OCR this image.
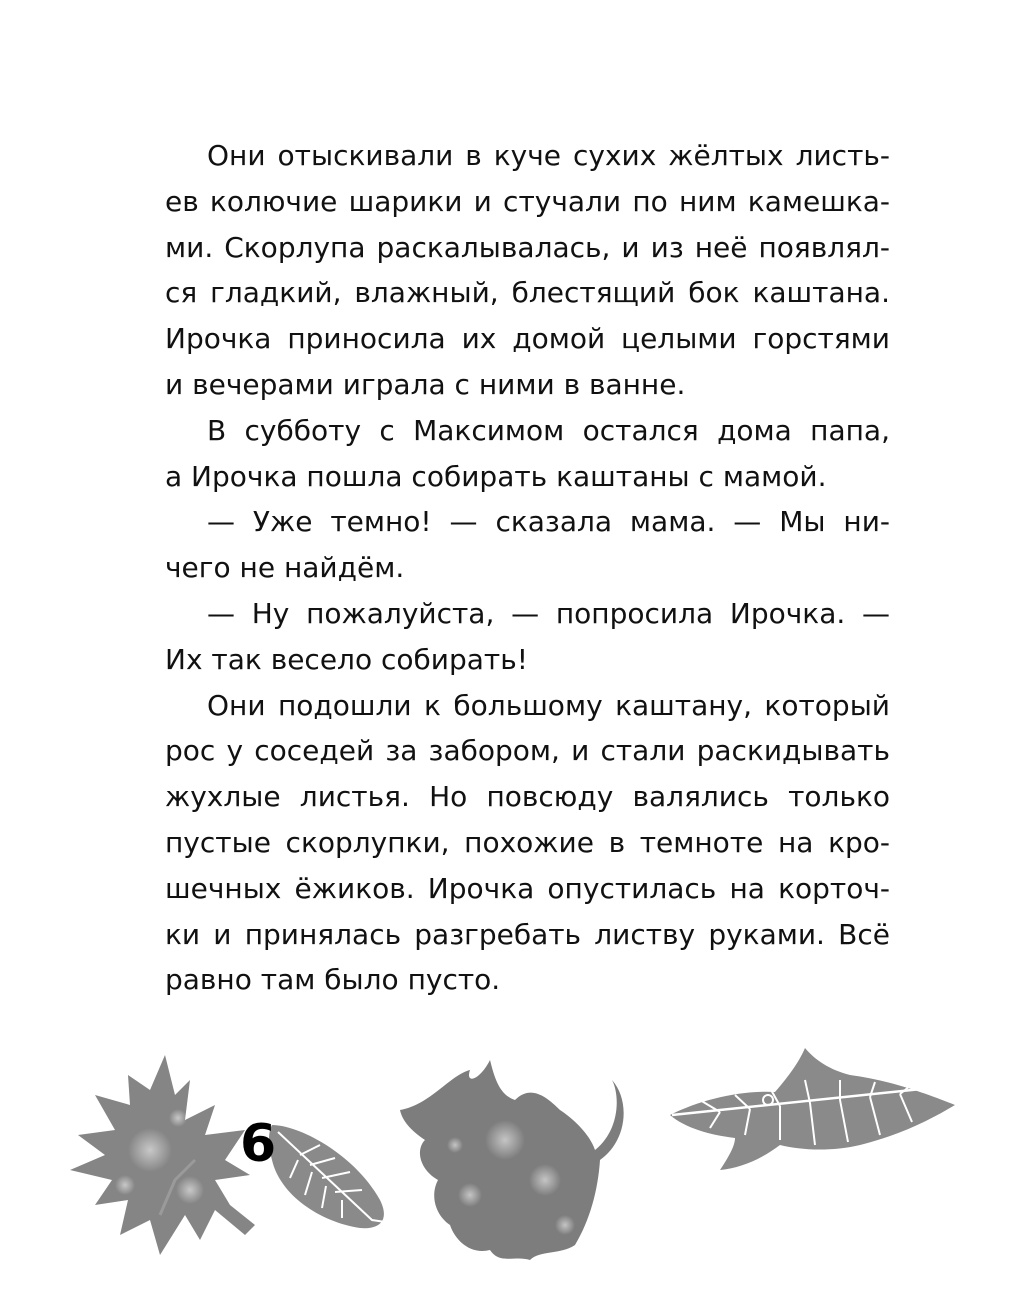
Они отыскивали в куче сухих жёлтых листь-
ев колючие шарики и стучали по ним камешка-
ми. Скорлупа раскалывалась, и из неё появлял-
ся гладкий, влажный, блестящий бок каштана.
Ирочка приносила их домой целыми горстями
и вечерами играла с ними в ванне.
В субботу с Максимом остался дома папа,
а Ирочка пошла собирать каштаны с мамой.
— Уже темно! — сказала мама. — Мы ни-
чего не найдём.
— Ну пожалуйста, — попросила Ирочка. —
Их так весело собирать!
Они подошли к большому каштану, который
рос у соседей за забором, и стали раскидывать
жухлые листья. Но повсюду валялись только
пустые скорлупки, похожие в темноте на кро-
шечных ёжиков. Ирочка опустилась на корточ-
ки и принялась разгребать листву руками. Всё
равно там было пусто.
6
